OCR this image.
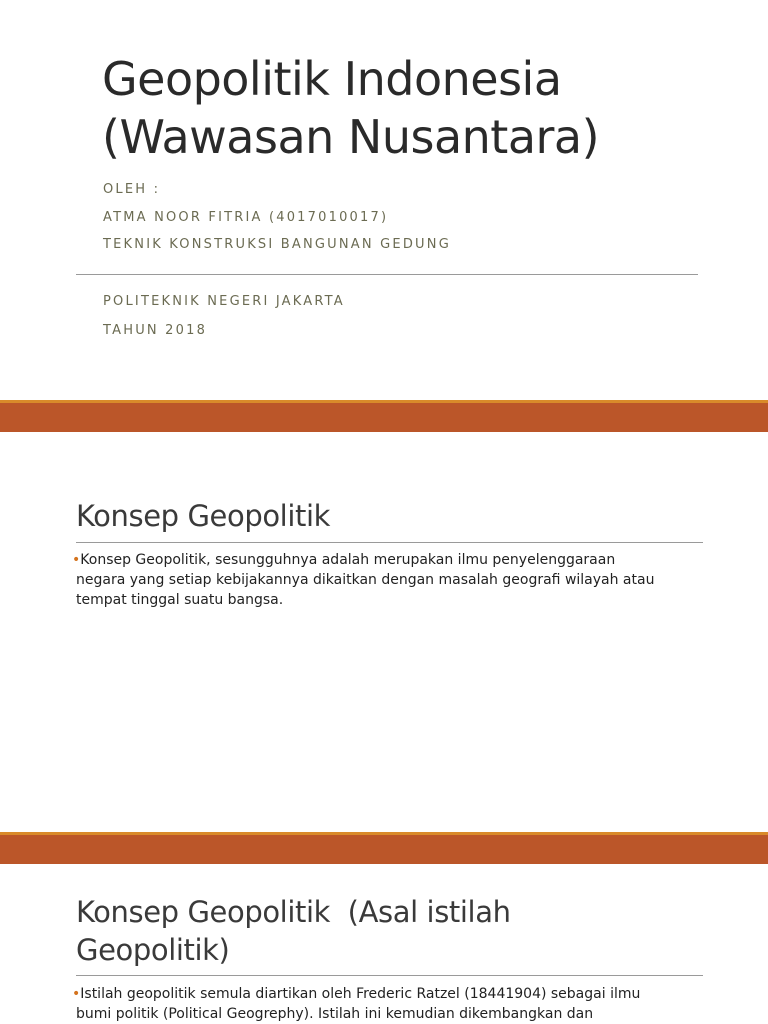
Geopolitik Indonesia
(Wawasan Nusantara)
OLEH :
ATMA NOOR FITRIA (4017010017)
TEKNIK KONSTRUKSI BANGUNAN GEDUNG
POLITEKNIK NEGERI JAKARTA
TAHUN 2018
Konsep Geopolitik
•Konsep Geopolitik, sesungguhnya adalah merupakan ilmu penyelenggaraan
negara yang setiap kebijakannya dikaitkan dengan masalah geografi wilayah atau
tempat tinggal suatu bangsa.
Konsep Geopolitik  (Asal istilah
Geopolitik)
•Istilah geopolitik semula diartikan oleh Frederic Ratzel (18441904) sebagai ilmu
bumi politik (Political Geogrephy). Istilah ini kemudian dikembangkan dan
